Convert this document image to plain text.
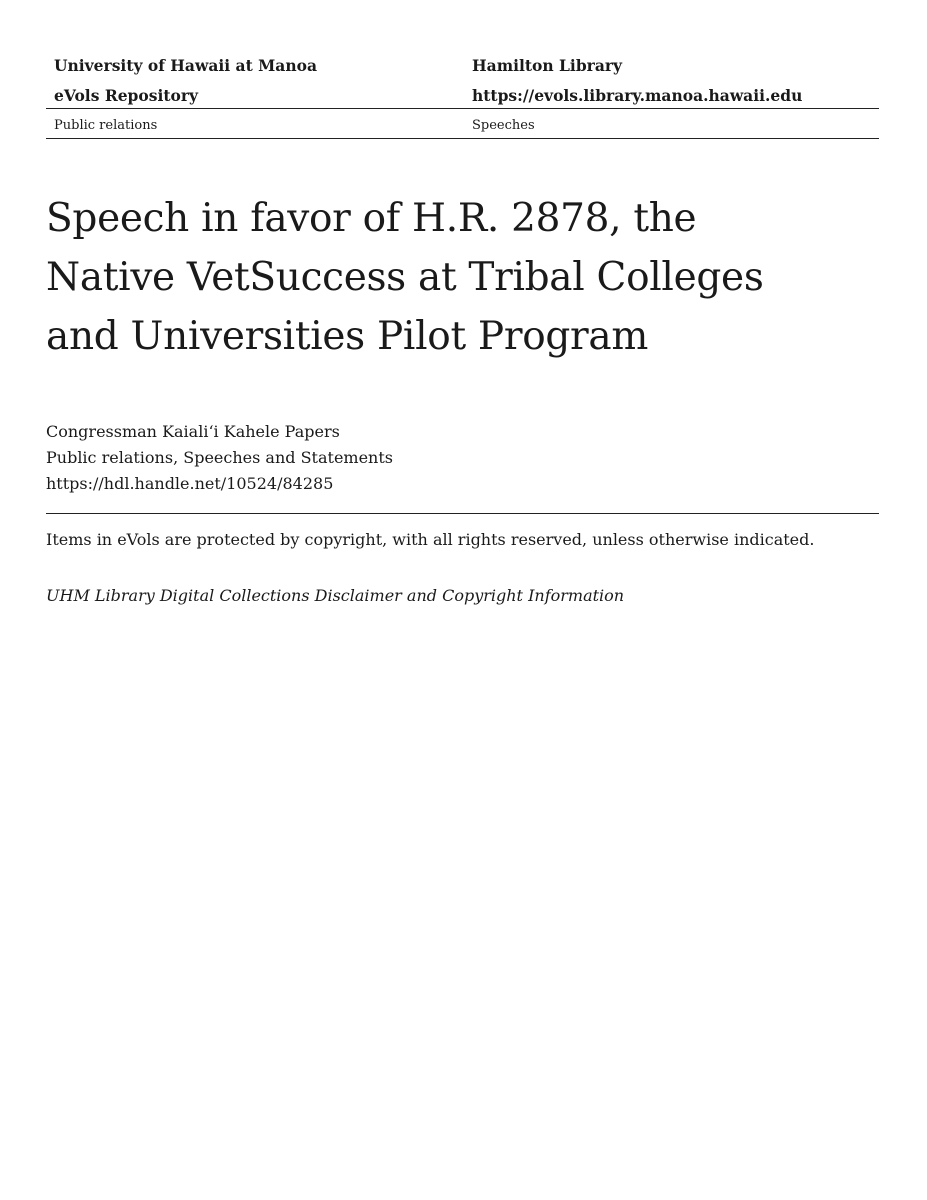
University of Hawaii at Manoa	Hamilton Library
eVols Repository	https://evols.library.manoa.hawaii.edu
Public relations	Speeches
Speech in favor of H.R. 2878, the
Native VetSuccess at Tribal Colleges
and Universities Pilot Program
Congressman Kaialiʻi Kahele Papers
Public relations, Speeches and Statements
https://hdl.handle.net/10524/84285
Items in eVols are protected by copyright, with all rights reserved, unless otherwise indicated.
UHM Library Digital Collections Disclaimer and Copyright Information
